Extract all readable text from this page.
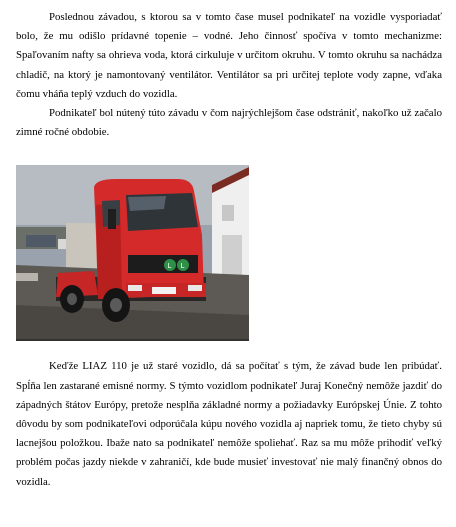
Poslednou závadou, s ktorou sa v tomto čase musel podnikateľ na vozidle vysporiadať bolo, že mu odišlo prídavné topenie – vodné. Jeho činnosť spočíva v tomto mechanizme: Spaľovaním nafty sa ohrieva voda, ktorá cirkuluje v určitom okruhu. V tomto okruhu sa nachádza chladič, na ktorý je namontovaný ventilátor. Ventilátor sa pri určitej teplote vody zapne, vďaka čomu vháňa teplý vzduch do vozidla.

Podnikateľ bol nútený túto závadu v čom najrýchlejšom čase odstrániť, nakoľko už začalo zimné ročné obdobie.

L L

Keďže LIAZ 110 je už staré vozidlo, dá sa počítať s tým, že závad bude len pribúdať. Spĺňa len zastarané emisné normy. S týmto vozidlom podnikateľ Juraj Konečný nemôže jazdiť do západných štátov Európy, pretože nesplňa základné normy a požiadavky Európskej Únie. Z tohto dôvodu by som podnikateľovi odporúčala kúpu nového vozidla aj napriek tomu, že tieto chyby sú lacnejšou položkou. Ibaže nato sa podnikateľ nemôže spoliehať. Raz sa mu môže prihodiť veľký problém počas jazdy niekde v zahraničí, kde bude musieť investovať nie malý finančný obnos do vozidla.
